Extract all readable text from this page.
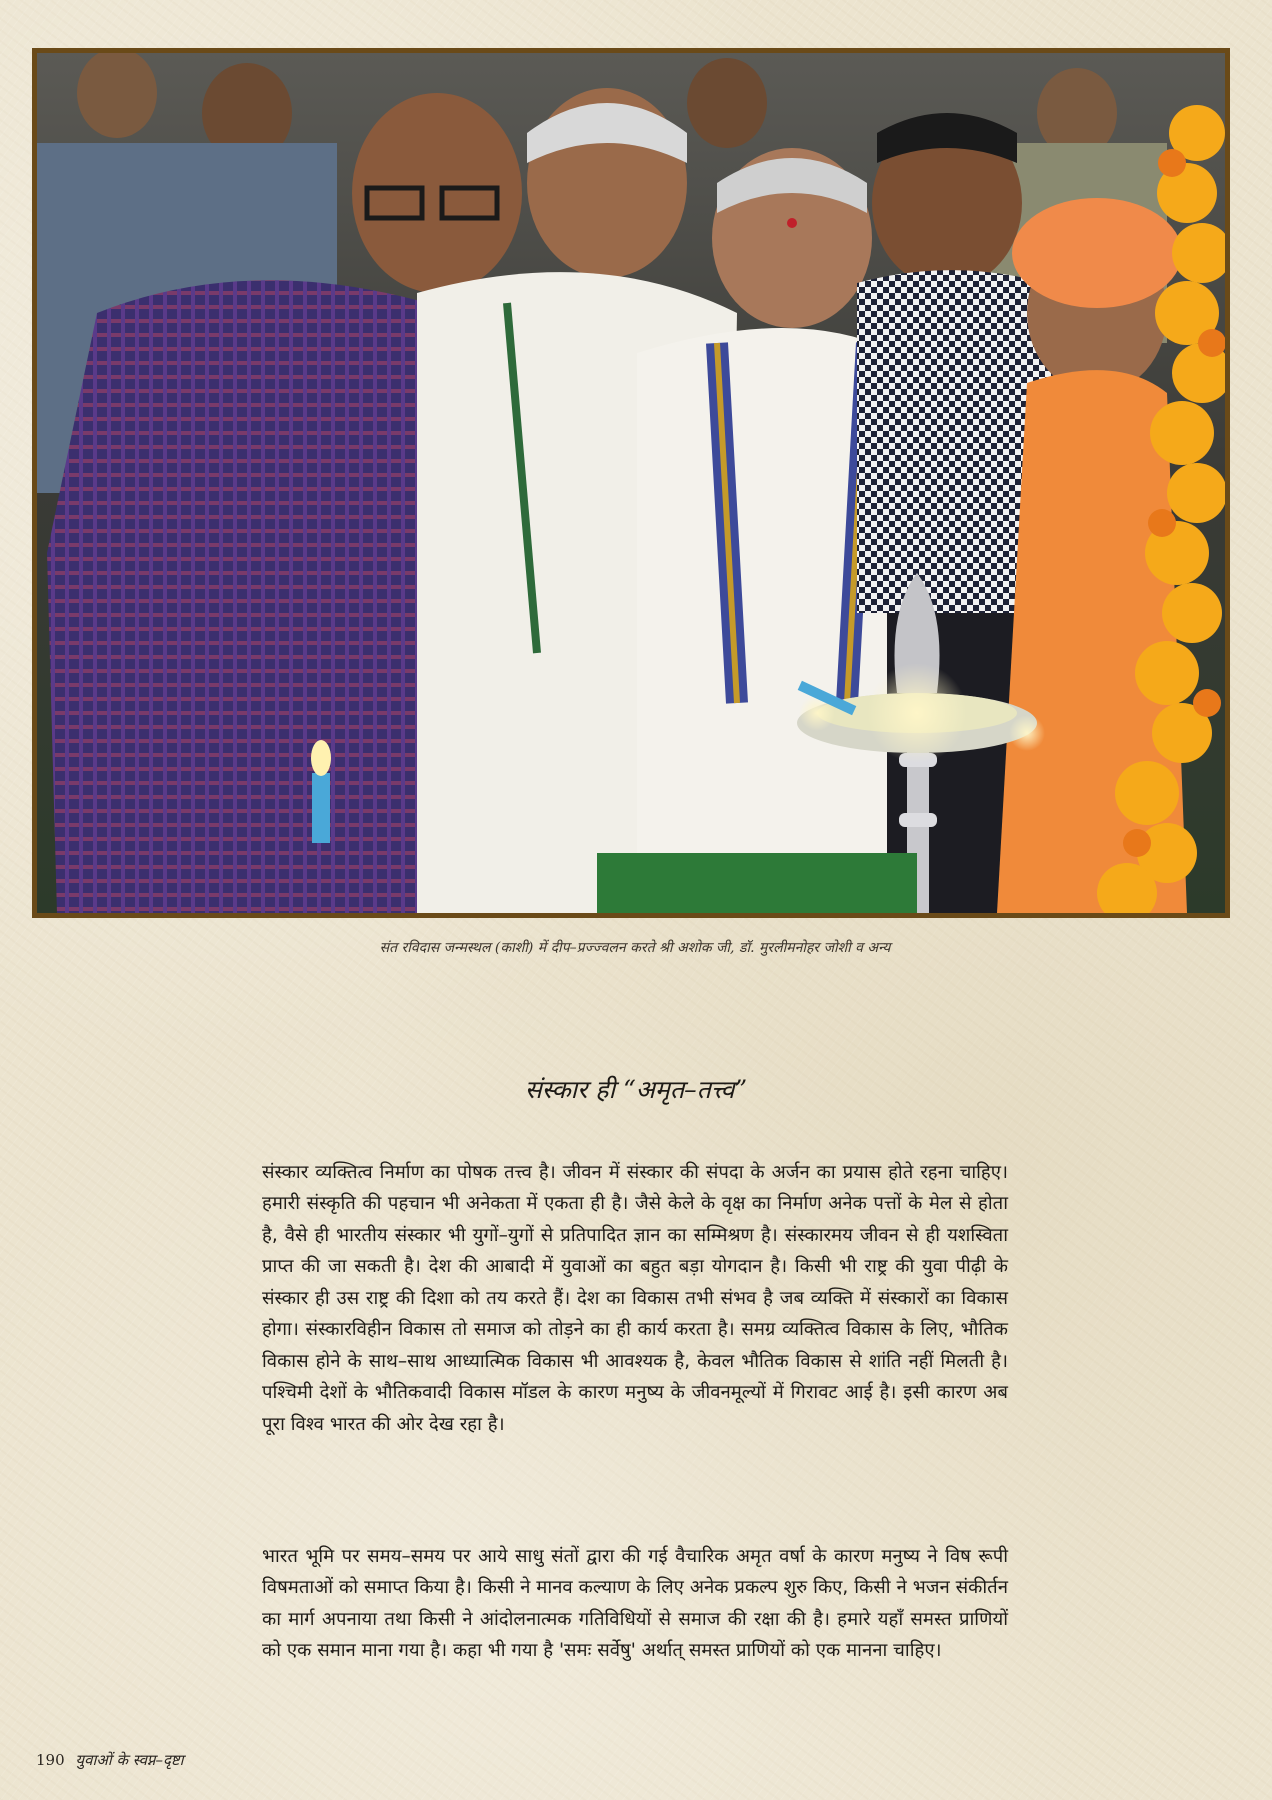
संत रविदास जन्मस्थल (काशी) में दीप–प्रज्ज्वलन करते श्री अशोक जी, डॉ. मुरलीमनोहर जोशी व अन्य
संस्कार ही “अमृत–तत्त्व”

संस्कार व्यक्तित्व निर्माण का पोषक तत्त्व है। जीवन में संस्कार की संपदा के अर्जन का प्रयास होते रहना चाहिए। हमारी संस्कृति की पहचान भी अनेकता में एकता ही है। जैसे केले के वृक्ष का निर्माण अनेक पत्तों के मेल से होता है, वैसे ही भारतीय संस्कार भी युगों–युगों से प्रतिपादित ज्ञान का सम्मिश्रण है। संस्कारमय जीवन से ही यशस्विता प्राप्त की जा सकती है। देश की आबादी में युवाओं का बहुत बड़ा योगदान है। किसी भी राष्ट्र की युवा पीढ़ी के संस्कार ही उस राष्ट्र की दिशा को तय करते हैं। देश का विकास तभी संभव है जब व्यक्ति में संस्कारों का विकास होगा। संस्कारविहीन विकास तो समाज को तोड़ने का ही कार्य करता है। समग्र व्यक्तित्व विकास के लिए, भौतिक विकास होने के साथ–साथ आध्यात्मिक विकास भी आवश्यक है, केवल भौतिक विकास से शांति नहीं मिलती है। पश्चिमी देशों के भौतिकवादी विकास मॉडल के कारण मनुष्य के जीवनमूल्यों में गिरावट आई है। इसी कारण अब पूरा विश्व भारत की ओर देख रहा है।

भारत भूमि पर समय–समय पर आये साधु संतों द्वारा की गई वैचारिक अमृत वर्षा के कारण मनुष्य ने विष रूपी विषमताओं को समाप्त किया है। किसी ने मानव कल्याण के लिए अनेक प्रकल्प शुरु किए, किसी ने भजन संकीर्तन का मार्ग अपनाया तथा किसी ने आंदोलनात्मक गतिविधियों से समाज की रक्षा की है। हमारे यहाँ समस्त प्राणियों को एक समान माना गया है। कहा भी गया है 'समः सर्वेषु' अर्थात् समस्त प्राणियों को एक मानना चाहिए।

190 युवाओं के स्वप्न–दृष्टा
